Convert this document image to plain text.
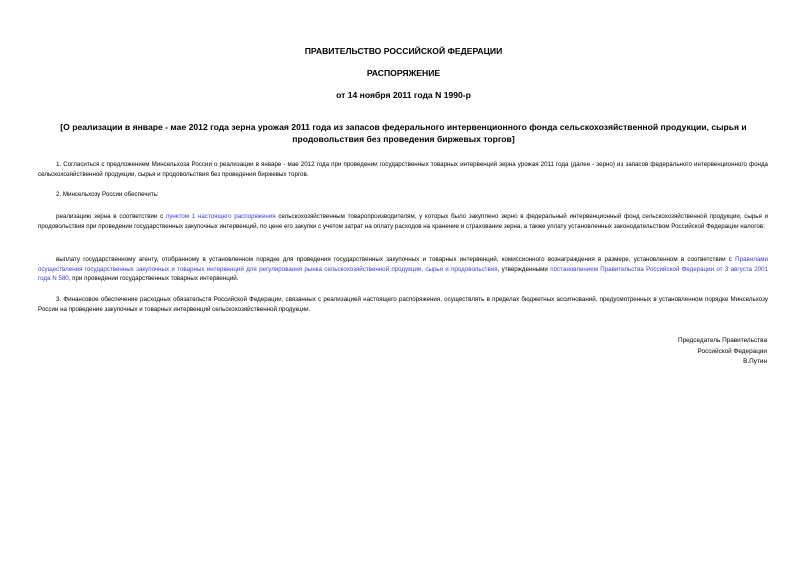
ПРАВИТЕЛЬСТВО РОССИЙСКОЙ ФЕДЕРАЦИИ
РАСПОРЯЖЕНИЕ
от 14 ноября 2011 года N 1990-р
[О реализации в январе - мае 2012 года зерна урожая 2011 года из запасов федерального интервенционного фонда сельскохозяйственной продукции, сырья и продовольствия без проведения биржевых торгов]
1. Согласиться с предложением Минсельхоза России о реализации в январе - мае 2012 года при проведении государственных товарных интервенций зерна урожая 2011 года (далее - зерно) из запасов федерального интервенционного фонда сельскохозяйственной продукции, сырья и продовольствия без проведения биржевых торгов.
2. Минсельхозу России обеспечить:
реализацию зерна в соответствии с пунктом 1 настоящего распоряжения сельскохозяйственным товаропроизводителям, у которых было закуплено зерно в федеральный интервенционный фонд сельскохозяйственной продукции, сырья и продовольствия при проведении государственных закупочных интервенций, по цене его закупки с учетом затрат на оплату расходов на хранение и страхование зерна, а также уплату установленных законодательством Российской Федерации налогов;
выплату государственному агенту, отобранному в установленном порядке для проведения государственных закупочных и товарных интервенций, комиссионного вознаграждения в размере, установленном в соответствии с Правилами осуществления государственных закупочных и товарных интервенций для регулирования рынка сельскохозяйственной продукции, сырья и продовольствия, утвержденными постановлением Правительства Российской Федерации от 3 августа 2001 года N 580, при проведении государственных товарных интервенций.
3. Финансовое обеспечение расходных обязательств Российской Федерации, связанных с реализацией настоящего распоряжения, осуществлять в пределах бюджетных ассигнований, предусмотренных в установленном порядке Минсельхозу России на проведение закупочных и товарных интервенций сельскохозяйственной продукции.
Председатель Правительства
Российской Федерации
В.Путин
